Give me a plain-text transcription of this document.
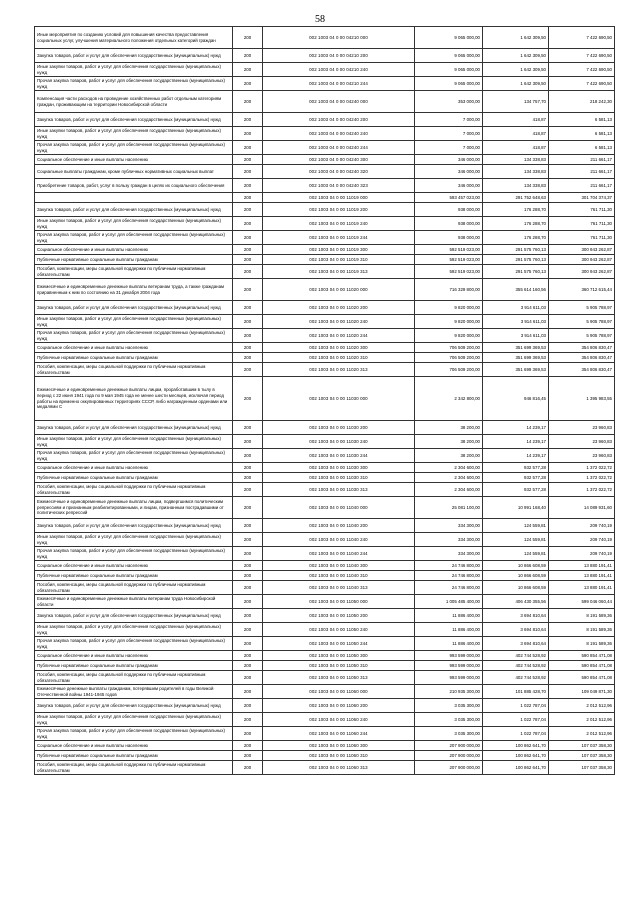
58
Иные мероприятия по созданию условий для повышения качества предоставления социальных услуг, улучшения материального положения отдельных категорий граждан	200	002 1003 04 0 00 04210 000	9 065 000,00	1 642 309,50	7 422 690,50
Закупка товаров, работ и услуг для обеспечения государственных (муниципальных) нужд	200	002 1003 04 0 00 04210 200	9 065 000,00	1 642 309,50	7 422 690,50
Иные закупки товаров, работ и услуг для обеспечения государственных (муниципальных) нужд	200	002 1003 04 0 00 04210 240	9 065 000,00	1 642 309,50	7 422 690,50
Прочая закупка товаров, работ и услуг для обеспечения государственных (муниципальных) нужд	200	002 1003 04 0 00 04210 244	9 065 000,00	1 642 309,50	7 422 690,50
Компенсация части расходов на проведение хозяйственных работ отдельным категориям граждан, проживающим на территории Новосибирской области	200	002 1003 04 0 00 04240 000	353 000,00	134 757,70	218 242,30
Закупка товаров, работ и услуг для обеспечения государственных (муниципальных) нужд	200	002 1003 04 0 00 04240 200	7 000,00	418,87	6 581,13
Иные закупки товаров, работ и услуг для обеспечения государственных (муниципальных) нужд	200	002 1003 04 0 00 04240 240	7 000,00	418,87	6 581,13
Прочая закупка товаров, работ и услуг для обеспечения государственных (муниципальных) нужд	200	002 1003 04 0 00 04240 244	7 000,00	418,87	6 581,13
Социальное обеспечение и иные выплаты населению	200	002 1003 04 0 00 04240 300	346 000,00	134 338,83	211 661,17
Социальные выплаты гражданам, кроме публичных нормативных социальных выплат	200	002 1003 04 0 00 04240 320	346 000,00	134 338,83	211 661,17
Приобретение товаров, работ, услуг в пользу граждан в целях их социального обеспечения	200	002 1003 04 0 00 04240 323	346 000,00	134 338,83	211 661,17
	200	002 1003 04 0 00 11019 000	593 457 023,00	291 752 648,63	301 704 374,37
Закупка товаров, работ и услуг для обеспечения государственных (муниципальных) нужд	200	002 1003 04 0 00 11019 200	938 000,00	176 288,70	761 711,30
Иные закупки товаров, работ и услуг для обеспечения государственных (муниципальных) нужд	200	002 1003 04 0 00 11019 240	938 000,00	176 288,70	761 711,30
Прочая закупка товаров, работ и услуг для обеспечения государственных (муниципальных) нужд	200	002 1003 04 0 00 11019 244	938 000,00	176 288,70	761 711,30
Социальное обеспечение и иные выплаты населению	200	002 1003 04 0 00 11019 300	592 519 023,00	291 575 760,13	300 943 262,87
Публичные нормативные социальные выплаты гражданам	200	002 1003 04 0 00 11019 310	592 519 023,00	291 575 760,13	300 943 262,87
Пособия, компенсации, меры социальной поддержки по публичным нормативным обязательствам	200	002 1003 04 0 00 11019 313	592 519 023,00	291 575 760,13	300 943 262,87
Ежемесячные и единовременные денежные выплаты ветеранам труда, а также гражданам приравненным к ним по состоянию на 31 декабря 2004 года	200	002 1003 04 0 00 11020 000	716 329 800,00	355 614 160,56	360 712 615,44
Закупка товаров, работ и услуг для обеспечения государственных (муниципальных) нужд	200	002 1003 04 0 00 11020 200	9 820 000,00	3 914 611,03	5 905 788,97
Иные закупки товаров, работ и услуг для обеспечения государственных (муниципальных) нужд	200	002 1003 04 0 00 11020 240	9 820 000,00	3 914 611,03	5 905 788,97
Прочая закупка товаров, работ и услуг для обеспечения государственных (муниципальных) нужд	200	002 1003 04 0 00 11020 244	9 820 000,00	3 914 611,03	5 905 788,97
Социальное обеспечение и иные выплаты населению	200	002 1003 04 0 00 11020 300	706 509 200,00	351 699 369,53	354 806 830,47
Публичные нормативные социальные выплаты гражданам	200	002 1003 04 0 00 11020 310	706 509 200,00	351 699 369,53	354 806 830,47
Пособия, компенсации, меры социальной поддержки по публичным нормативным обязательствам	200	002 1003 04 0 00 11020 313	706 509 200,00	351 699 369,53	354 806 830,47
Ежемесячные и единовременные денежные выплаты лицам, проработавшим в тылу в период с 22 июня 1941 года по 9 мая 1945 года не менее шести месяцев, исключая период работы на временно оккупированных территориях СССР, либо награжденным орденами или медалями С	200	002 1003 04 0 00 11030 000	2 342 800,00	946 816,45	1 395 983,55
Закупка товаров, работ и услуг для обеспечения государственных (муниципальных) нужд	200	002 1003 04 0 00 11030 200	38 200,00	14 239,17	23 960,83
Иные закупки товаров, работ и услуг для обеспечения государственных (муниципальных) нужд	200	002 1003 04 0 00 11030 240	38 200,00	14 239,17	23 960,83
Прочая закупка товаров, работ и услуг для обеспечения государственных (муниципальных) нужд	200	002 1003 04 0 00 11030 244	38 200,00	14 239,17	23 960,83
Социальное обеспечение и иные выплаты населению	200	002 1003 04 0 00 11030 300	2 304 600,00	932 577,28	1 372 022,72
Публичные нормативные социальные выплаты гражданам	200	002 1003 04 0 00 11030 310	2 304 600,00	932 577,28	1 372 022,72
Пособия, компенсации, меры социальной поддержки по публичным нормативным обязательствам	200	002 1003 04 0 00 11030 313	2 304 600,00	932 577,28	1 372 022,72
Ежемесячные и единовременные денежные выплаты лицам, подвергшимся политическим репрессиям и признанным реабилитированными, и лицам, признанным пострадавшими от политических репрессий	200	002 1003 04 0 00 11040 000	25 081 100,00	10 991 168,40	14 089 931,60
Закупка товаров, работ и услуг для обеспечения государственных (муниципальных) нужд	200	002 1003 04 0 00 11040 200	334 300,00	124 559,81	209 740,19
Иные закупки товаров, работ и услуг для обеспечения государственных (муниципальных) нужд	200	002 1003 04 0 00 11040 240	334 300,00	124 559,81	209 740,19
Прочая закупка товаров, работ и услуг для обеспечения государственных (муниципальных) нужд	200	002 1003 04 0 00 11040 244	334 300,00	124 559,81	209 740,19
Социальное обеспечение и иные выплаты населению	200	002 1003 04 0 00 11040 300	24 746 800,00	10 866 608,59	13 880 191,41
Публичные нормативные социальные выплаты гражданам	200	002 1003 04 0 00 11040 310	24 746 800,00	10 866 608,59	13 880 191,41
Пособия, компенсации, меры социальной поддержки по публичным нормативным обязательствам	200	002 1003 04 0 00 11040 313	24 746 800,00	10 866 608,59	13 880 191,41
Ежемесячные и единовременные денежные выплаты ветеранам труда Новосибирской области	200	002 1003 04 0 00 11050 000	1 005 485 400,00	406 430 355,56	599 046 060,44
Закупка товаров, работ и услуг для обеспечения государственных (муниципальных) нужд	200	002 1003 04 0 00 11050 200	11 886 400,00	3 694 810,64	8 191 589,36
Иные закупки товаров, работ и услуг для обеспечения государственных (муниципальных) нужд	200	002 1003 04 0 00 11050 240	11 886 400,00	3 694 810,64	8 191 589,36
Прочая закупка товаров, работ и услуг для обеспечения государственных (муниципальных) нужд	200	002 1003 04 0 00 11050 244	11 886 400,00	3 694 810,64	8 191 589,36
Социальное обеспечение и иные выплаты населению	200	002 1003 04 0 00 11050 300	993 599 000,00	402 744 528,92	590 854 471,08
Публичные нормативные социальные выплаты гражданам	200	002 1003 04 0 00 11050 310	993 599 000,00	402 744 528,92	590 854 471,08
Пособия, компенсации, меры социальной поддержки по публичным нормативным обязательствам	200	002 1003 04 0 00 11050 313	993 599 000,00	402 744 528,92	590 854 471,08
Ежемесячные денежные выплаты гражданам, потерявшим родителей в годы Великой Отечественной войны 1941-1945 годов	200	002 1003 04 0 00 11060 000	210 935 300,00	101 885 428,70	109 049 871,30
Закупка товаров, работ и услуг для обеспечения государственных (муниципальных) нужд	200	002 1003 04 0 00 11060 200	3 035 300,00	1 022 787,04	2 012 512,96
Иные закупки товаров, работ и услуг для обеспечения государственных (муниципальных) нужд	200	002 1003 04 0 00 11060 240	3 035 300,00	1 022 787,04	2 012 512,96
Прочая закупка товаров, работ и услуг для обеспечения государственных (муниципальных) нужд	200	002 1003 04 0 00 11060 244	3 035 300,00	1 022 787,04	2 012 512,96
Социальное обеспечение и иные выплаты населению	200	002 1003 04 0 00 11060 300	207 900 000,00	100 862 641,70	107 037 358,30
Публичные нормативные социальные выплаты гражданам	200	002 1003 04 0 00 11060 310	207 900 000,00	100 862 641,70	107 037 358,30
Пособия, компенсации, меры социальной поддержки по публичным нормативным обязательствам	200	002 1003 04 0 00 11060 313	207 900 000,00	100 862 641,70	107 037 358,30
